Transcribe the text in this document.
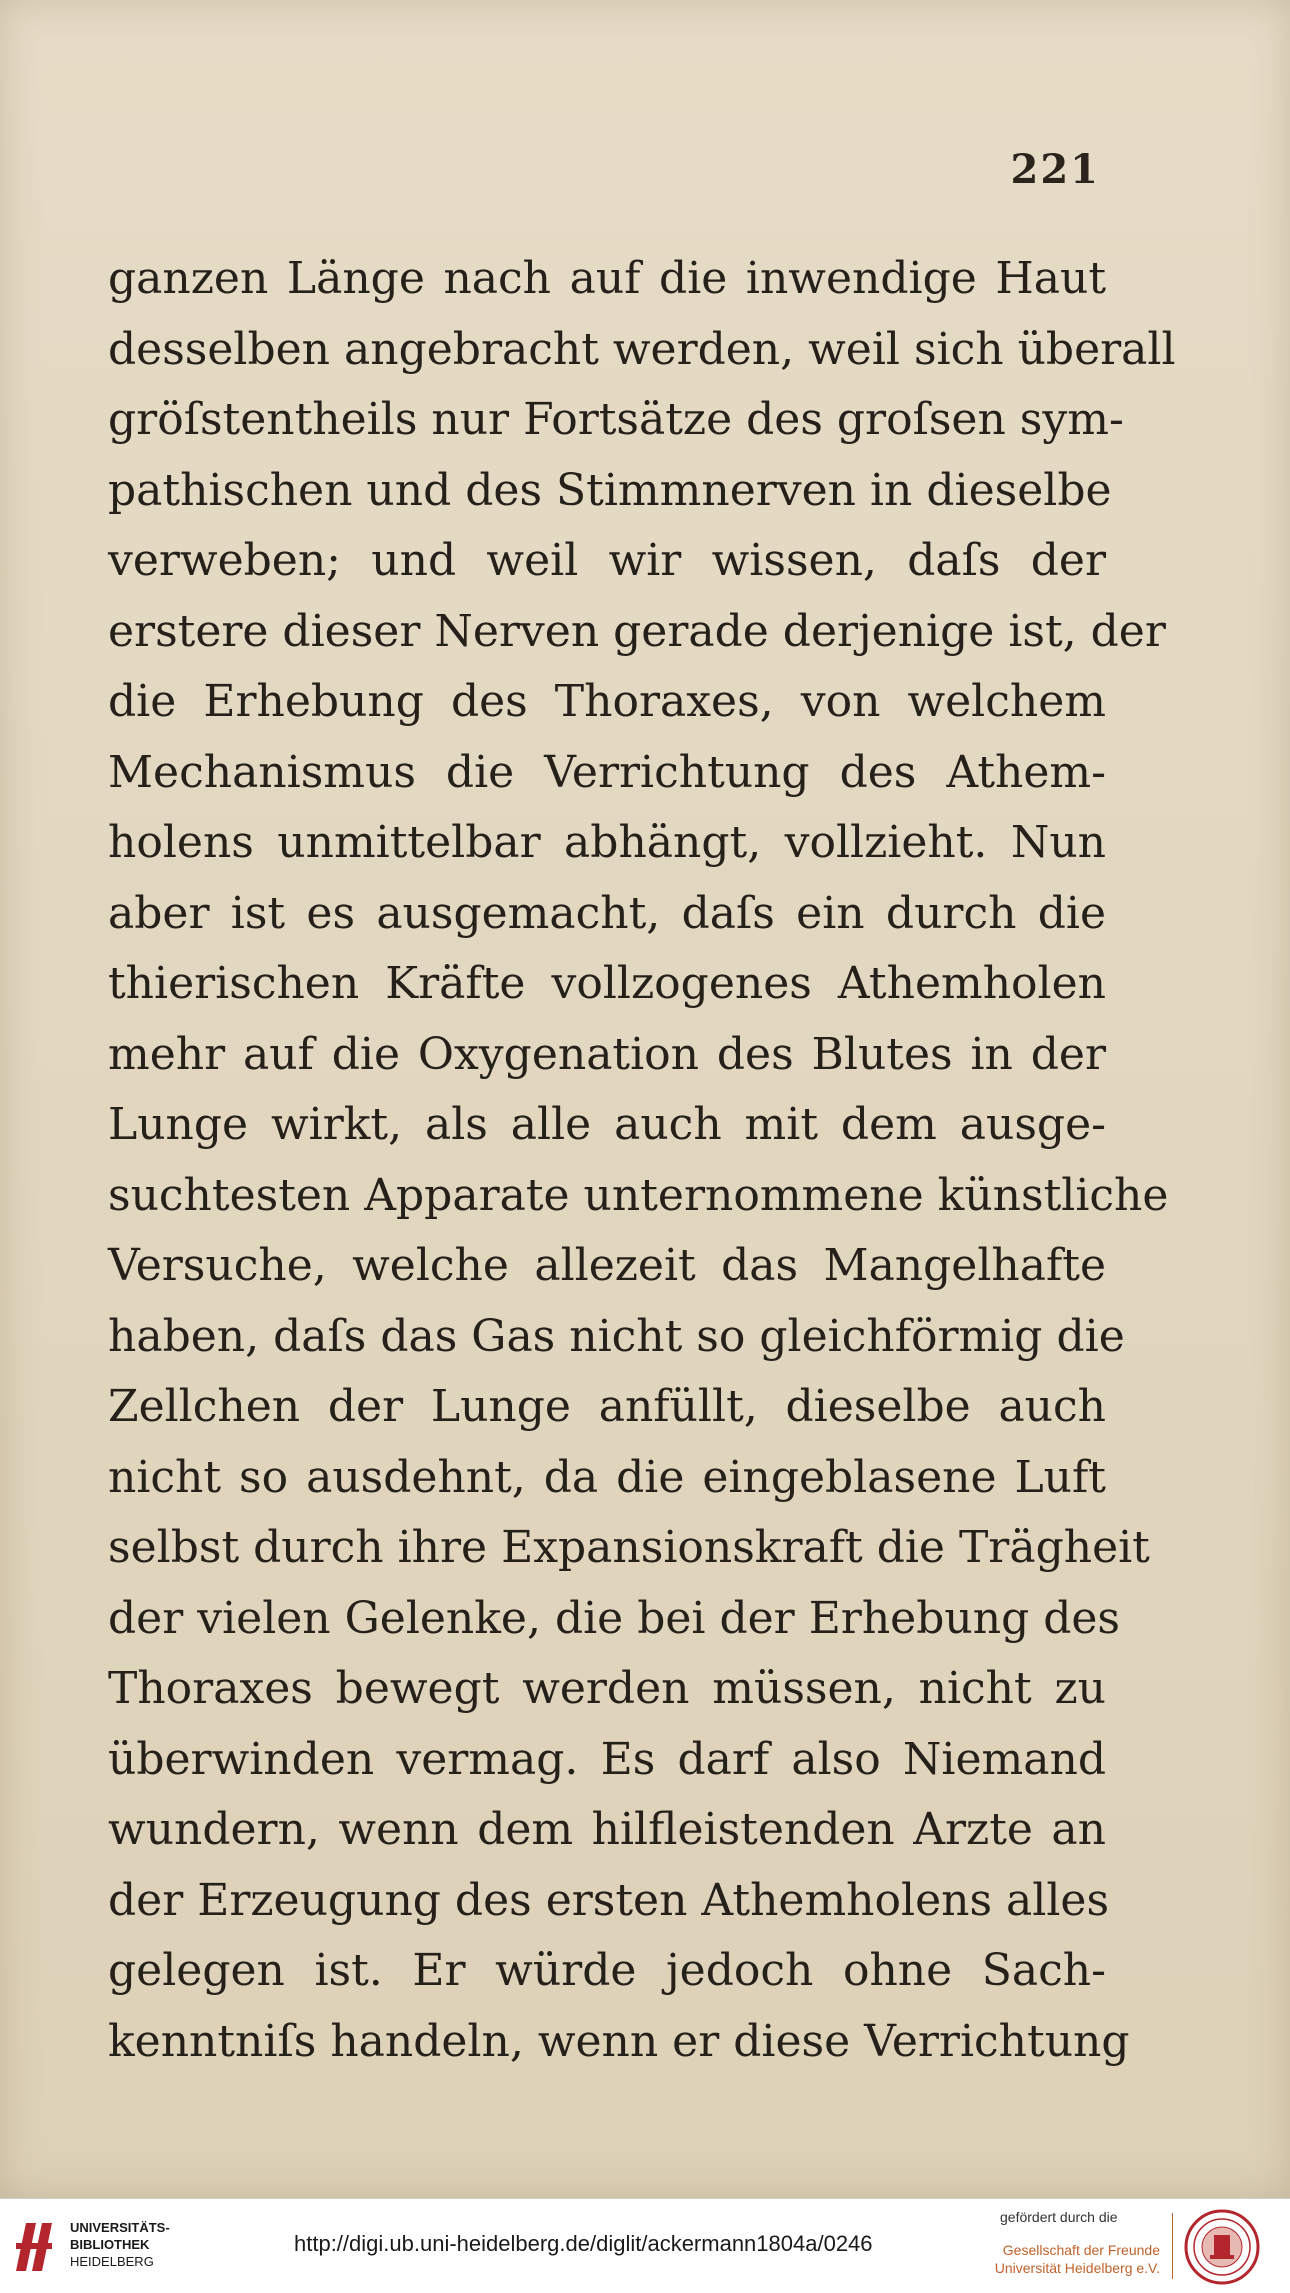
221
ganzen Länge nach auf die inwendige Haut
desselben angebracht werden, weil sich überall
gröſstentheils nur Fortsätze des groſsen sym-
pathischen und des Stimmnerven in dieselbe
verweben; und weil wir wissen, daſs der
erstere dieser Nerven gerade derjenige ist, der
die Erhebung des Thoraxes, von welchem
Mechanismus die Verrichtung des Athem-
holens unmittelbar abhängt, vollzieht. Nun
aber ist es ausgemacht, daſs ein durch die
thierischen Kräfte vollzogenes Athemholen
mehr auf die Oxygenation des Blutes in der
Lunge wirkt, als alle auch mit dem ausge-
suchtesten Apparate unternommene künstliche
Versuche, welche allezeit das Mangelhafte
haben, daſs das Gas nicht so gleichförmig die
Zellchen der Lunge anfüllt, dieselbe auch
nicht so ausdehnt, da die eingeblasene Luft
selbst durch ihre Expansionskraft die Trägheit
der vielen Gelenke, die bei der Erhebung des
Thoraxes bewegt werden müssen, nicht zu
überwinden vermag. Es darf also Niemand
wundern, wenn dem hilfleistenden Arzte an
der Erzeugung des ersten Athemholens alles
gelegen ist. Er würde jedoch ohne Sach-
kenntniſs handeln, wenn er diese Verrichtung
UNIVERSITÄTS-
BIBLIOTHEK
HEIDELBERG
http://digi.ub.uni-heidelberg.de/diglit/ackermann1804a/0246
gefördert durch die
Gesellschaft der Freunde
Universität Heidelberg e.V.
